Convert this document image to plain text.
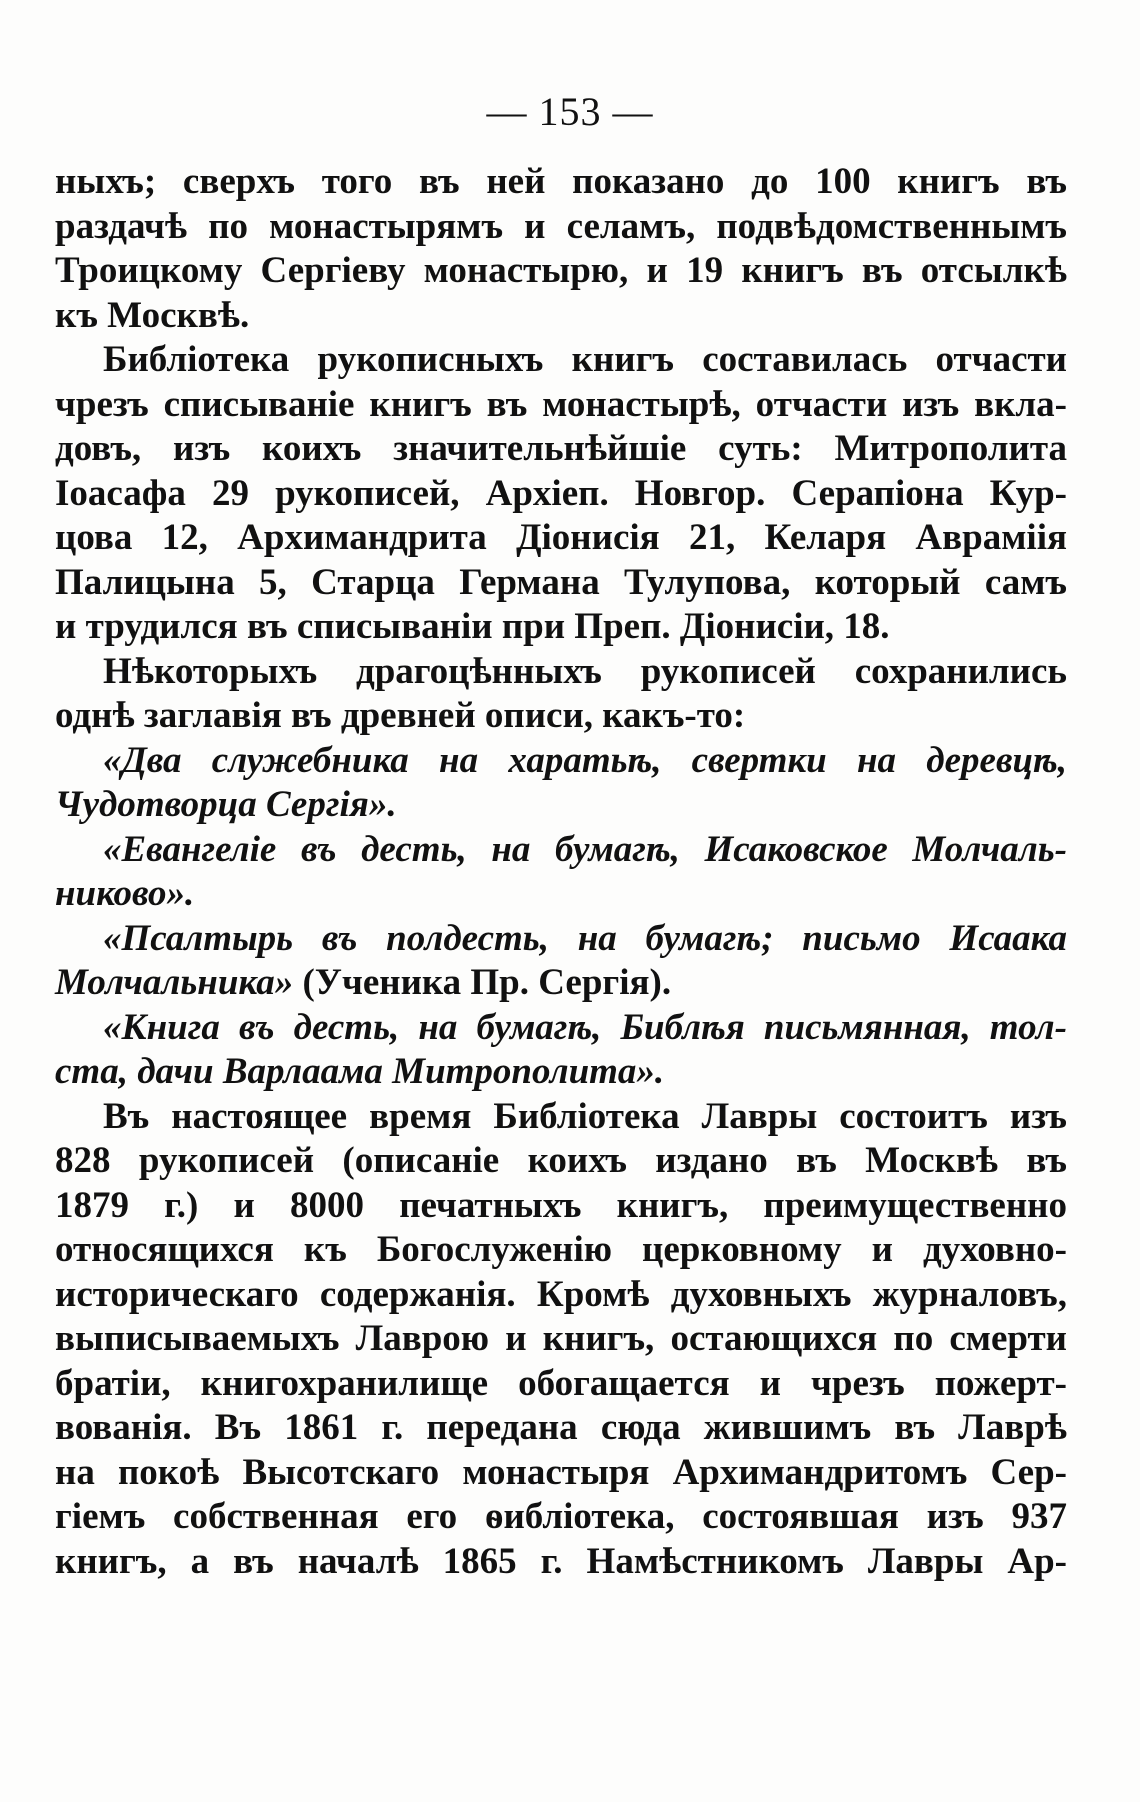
— 153 —
ныхъ; сверхъ того въ ней показано до 100 книгъ въ
раздачѣ по монастырямъ и селамъ, подвѣдомственнымъ
Троицкому Сергіеву монастырю, и 19 книгъ въ отсылкѣ
къ Москвѣ.
Библіотека рукописныхъ книгъ составилась отчасти
чрезъ списываніе книгъ въ монастырѣ, отчасти изъ вкла-
довъ, изъ коихъ значительнѣйшіе суть: Митрополита
Іоасафа 29 рукописей, Архіеп. Новгор. Серапіона Кур-
цова 12, Архимандрита Діонисія 21, Келаря Авраміія
Палицына 5, Старца Германа Тулупова, который самъ
и трудился въ списываніи при Преп. Діонисіи, 18.
Нѣкоторыхъ драгоцѣнныхъ рукописей сохранились
однѣ заглавія въ древней описи, какъ-то:
«Два служебника на харатьѣ, свертки на деревцѣ,
Чудотворца Сергія».
«Евангеліе въ десть, на бумагѣ, Исаковское Молчаль-
никово».
«Псалтырь въ полдесть, на бумагѣ; письмо Исаака
Молчальника» (Ученика Пр. Сергія).
«Книга въ десть, на бумагѣ, Библѣя письмянная, тол-
ста, дачи Варлаама Митрополита».
Въ настоящее время Библіотека Лавры состоитъ изъ
828 рукописей (описаніе коихъ издано въ Москвѣ въ
1879 г.) и 8000 печатныхъ книгъ, преимущественно
относящихся къ Богослуженію церковному и духовно-
историческаго содержанія. Кромѣ духовныхъ журналовъ,
выписываемыхъ Лаврою и книгъ, остающихся по смерти
братіи, книгохранилище обогащается и чрезъ пожерт-
вованія. Въ 1861 г. передана сюда жившимъ въ Лаврѣ
на покоѣ Высотскаго монастыря Архимандритомъ Сер-
гіемъ собственная его ѳибліотека, состоявшая изъ 937
книгъ, а въ началѣ 1865 г. Намѣстникомъ Лавры Ар-
